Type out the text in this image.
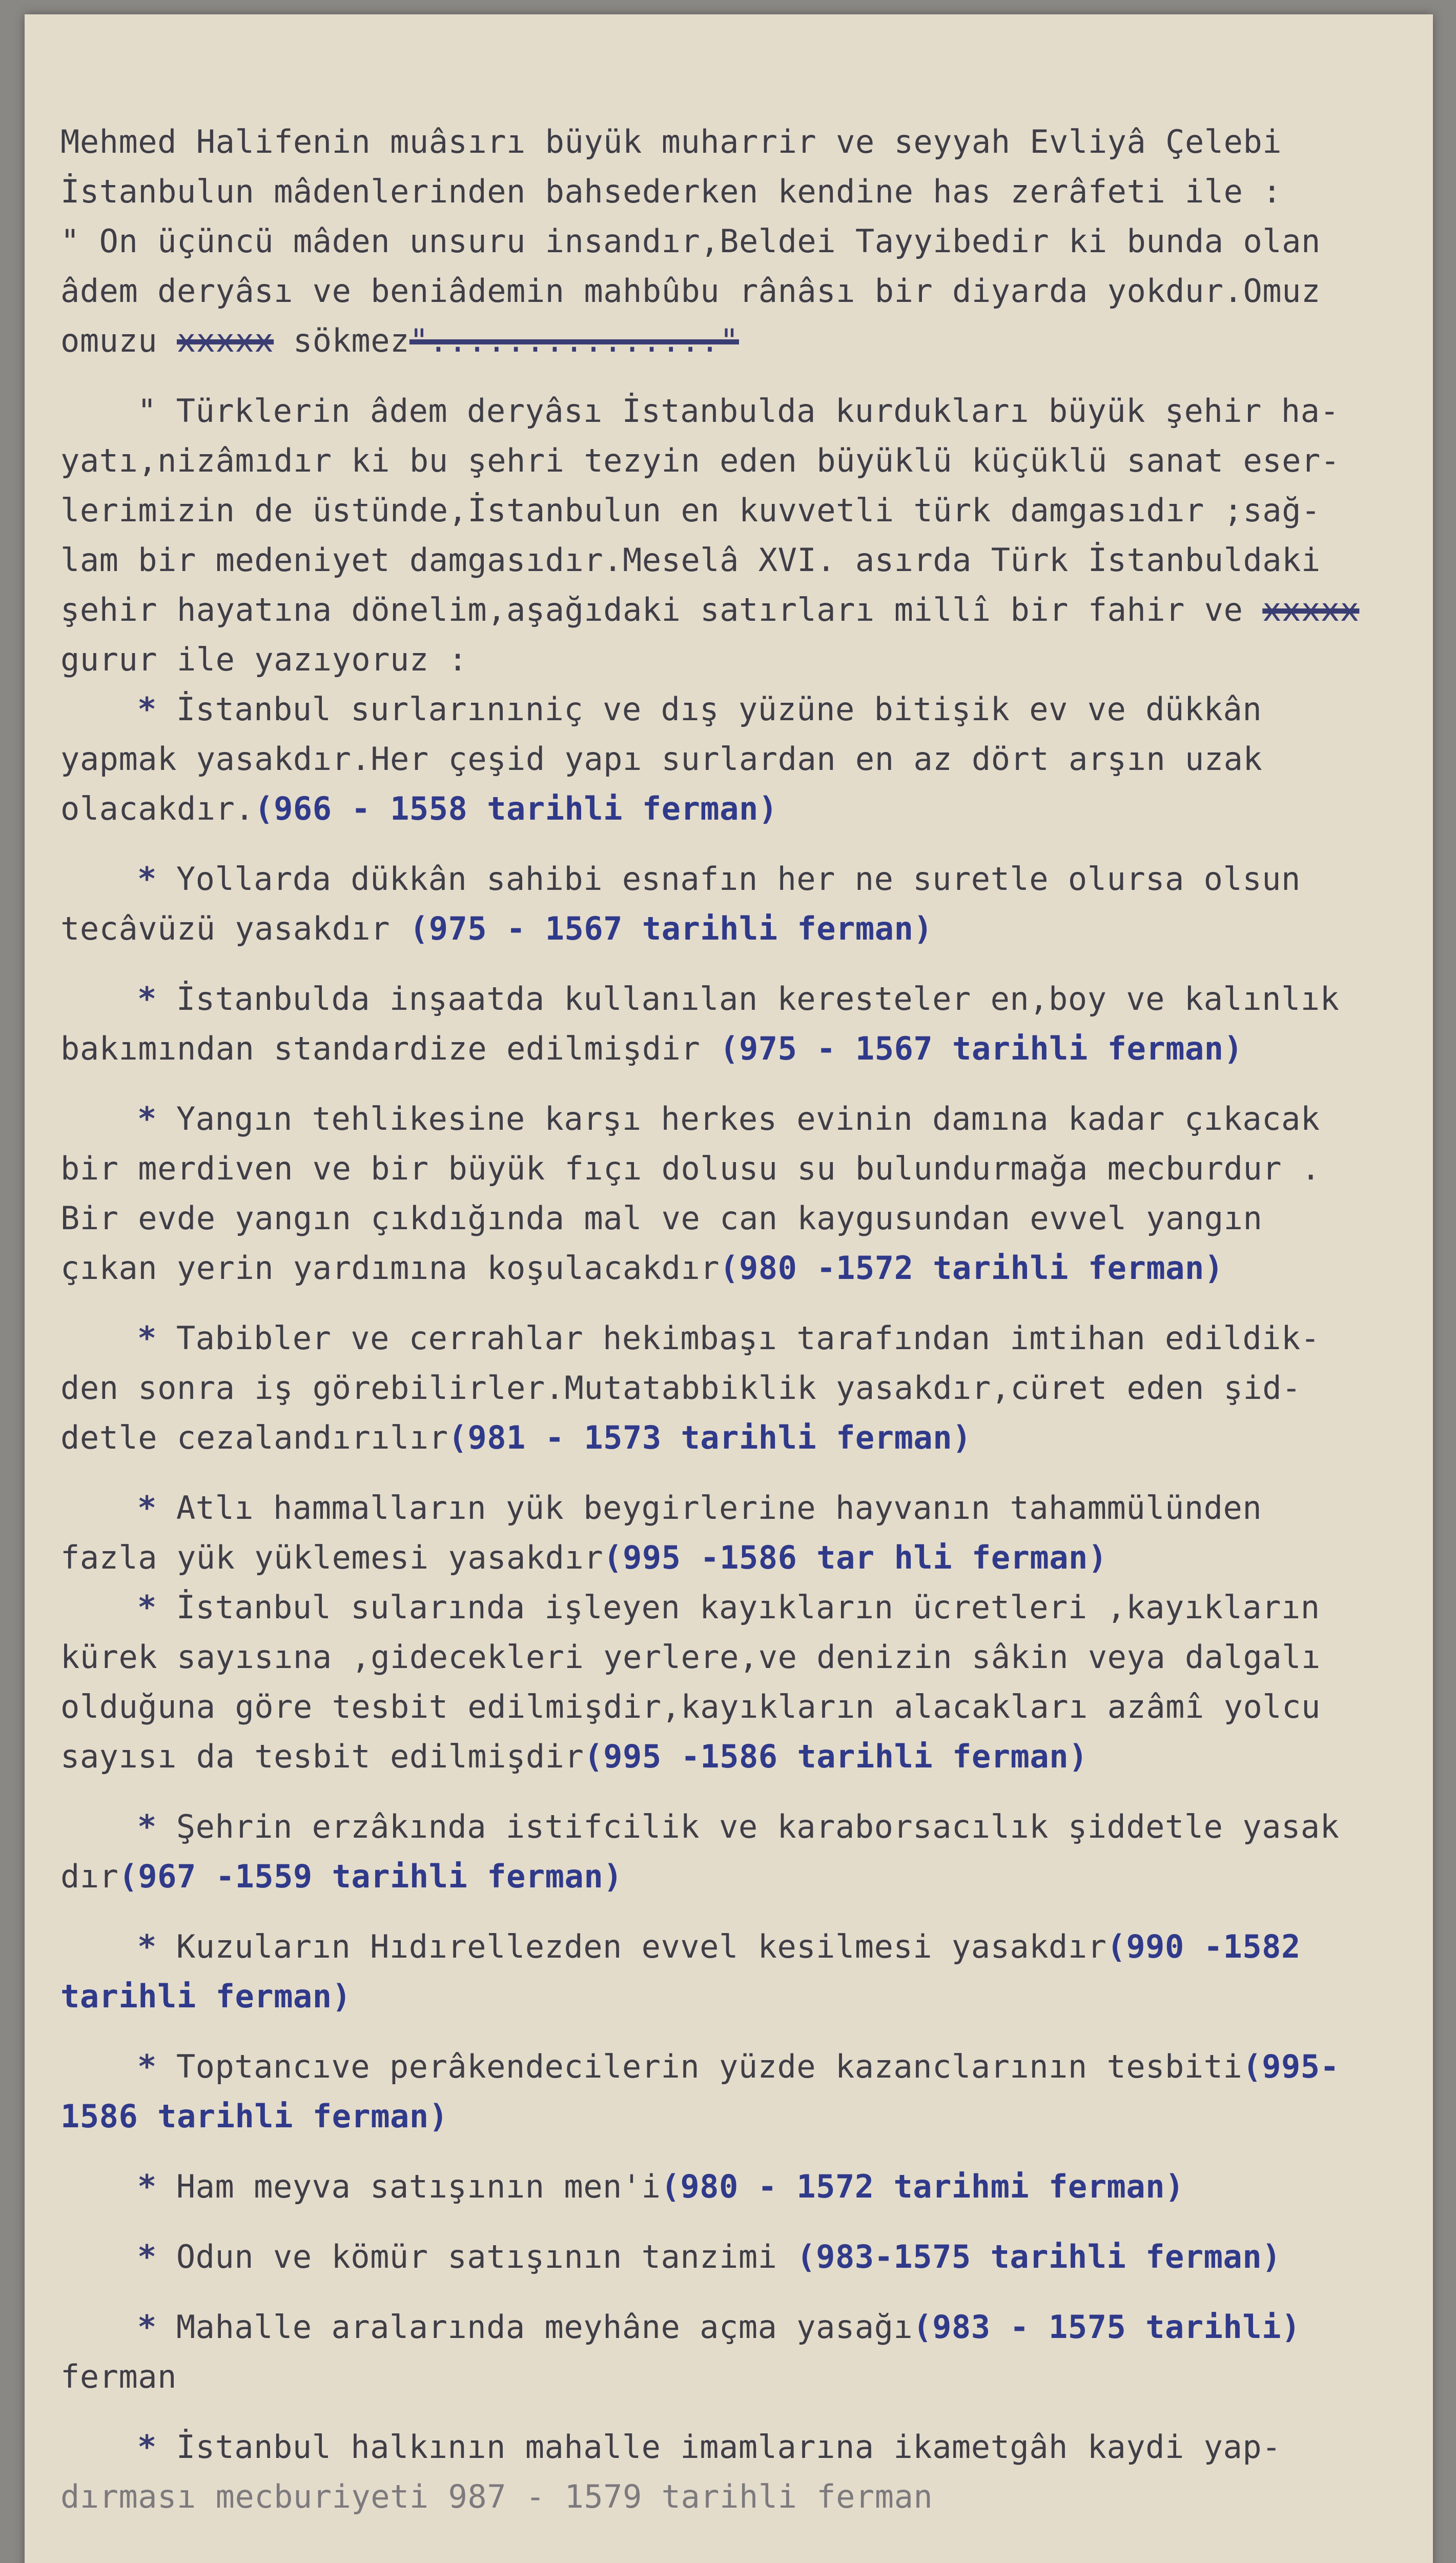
Mehmed Halifenin muâsırı büyük muharrir ve seyyah Evliyâ Çelebi
İstanbulun mâdenlerinden bahsederken kendine has zerâfeti ile :
" On üçüncü mâden unsuru insandır,Beldei Tayyibedir ki bunda olan
âdem deryâsı ve beniâdemin mahbûbu rânâsı bir diyarda yokdur.Omuz
omuzu xxxxx sökmez"..............."
" Türklerin âdem deryâsı İstanbulda kurdukları büyük şehir ha-
yatı,nizâmıdır ki bu şehri tezyin eden büyüklü küçüklü sanat eser-
lerimizin de üstünde,İstanbulun en kuvvetli türk damgasıdır ;sağ-
lam bir medeniyet damgasıdır.Meselâ XVI. asırda Türk İstanbuldaki
şehir hayatına dönelim,aşağıdaki satırları millî bir fahir ve xxxxx
gurur ile yazıyoruz :
* İstanbul surlarınıniç ve dış yüzüne bitişik ev ve dükkân
yapmak yasakdır.Her çeşid yapı surlardan en az dört arşın uzak
olacakdır.(966 - 1558 tarihli ferman)
* Yollarda dükkân sahibi esnafın her ne suretle olursa olsun
tecâvüzü yasakdır (975 - 1567 tarihli ferman)
* İstanbulda inşaatda kullanılan keresteler en,boy ve kalınlık
bakımından standardize edilmişdir (975 - 1567 tarihli ferman)
* Yangın tehlikesine karşı herkes evinin damına kadar çıkacak
bir merdiven ve bir büyük fıçı dolusu su bulundurmağa mecburdur .
Bir evde yangın çıkdığında mal ve can kaygusundan evvel yangın
çıkan yerin yardımına koşulacakdır(980 -1572 tarihli ferman)
* Tabibler ve cerrahlar hekimbaşı tarafından imtihan edildik-
den sonra iş görebilirler.Mutatabbiklik yasakdır,cüret eden şid-
detle cezalandırılır(981 - 1573 tarihli ferman)
* Atlı hammalların yük beygirlerine hayvanın tahammülünden
fazla yük yüklemesi yasakdır(995 -1586 tar hli ferman)
* İstanbul sularında işleyen kayıkların ücretleri ,kayıkların
kürek sayısına ,gidecekleri yerlere,ve denizin sâkin veya dalgalı
olduğuna göre tesbit edilmişdir,kayıkların alacakları azâmî yolcu
sayısı da tesbit edilmişdir(995 -1586 tarihli ferman)
* Şehrin erzâkında istifcilik ve karaborsacılık şiddetle yasak
dır(967 -1559 tarihli ferman)
* Kuzuların Hıdırellezden evvel kesilmesi yasakdır(990 -1582
tarihli ferman)
* Toptancıve perâkendecilerin yüzde kazanclarının tesbiti(995-
1586 tarihli ferman)
* Ham meyva satışının men'i(980 - 1572 tarihmi ferman)
* Odun ve kömür satışının tanzimi (983-1575 tarihli ferman)
* Mahalle aralarında meyhâne açma yasağı(983 - 1575 tarihli)
ferman
* İstanbul halkının mahalle imamlarına ikametgâh kaydi yap-
dırması mecburiyeti 987 - 1579 tarihli ferman
